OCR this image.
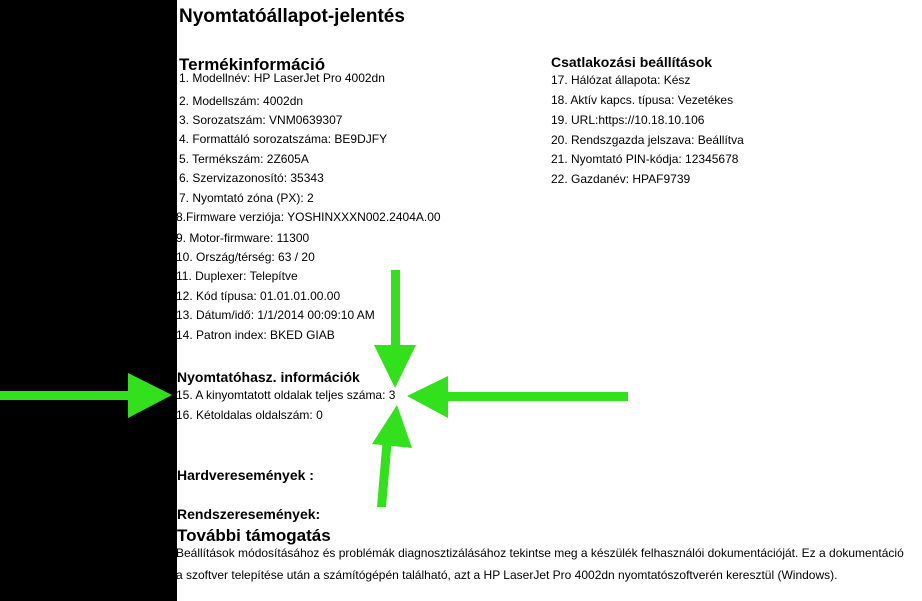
Nyomtatóállapot-jelentés
Termékinformáció
1. Modellnév: HP LaserJet Pro 4002dn
2. Modellszám: 4002dn
3. Sorozatszám: VNM0639307
4. Formattáló sorozatszáma: BE9DJFY
5. Termékszám: 2Z605A
6. Szervizazonosító: 35343
7. Nyomtató zóna (PX): 2
8.Firmware verziója: YOSHINXXXN002.2404A.00
9. Motor-firmware: 11300
10. Ország/térség: 63 / 20
11. Duplexer: Telepítve
12. Kód típusa: 01.01.01.00.00
13. Dátum/idő: 1/1/2014 00:09:10 AM
14. Patron index: BKED GIAB
Csatlakozási beállítások
17. Hálózat állapota: Kész
18. Aktív kapcs. típusa: Vezetékes
19. URL:https://10.18.10.106
20. Rendszgazda jelszava: Beállítva
21. Nyomtató PIN-kódja: 12345678
22. Gazdanév: HPAF9739
Nyomtatóhasz. információk
15. A kinyomtatott oldalak teljes száma: 3
16. Kétoldalas oldalszám: 0
Hardveresemények :
Rendszeresemények:
További támogatás
Beállítások módosításához és problémák diagnosztizálásához tekintse meg a készülék felhasználói dokumentációját. Ez a dokumentáció
a szoftver telepítése után a számítógépén található, azt a HP LaserJet Pro 4002dn nyomtatószoftverén keresztül (Windows).
